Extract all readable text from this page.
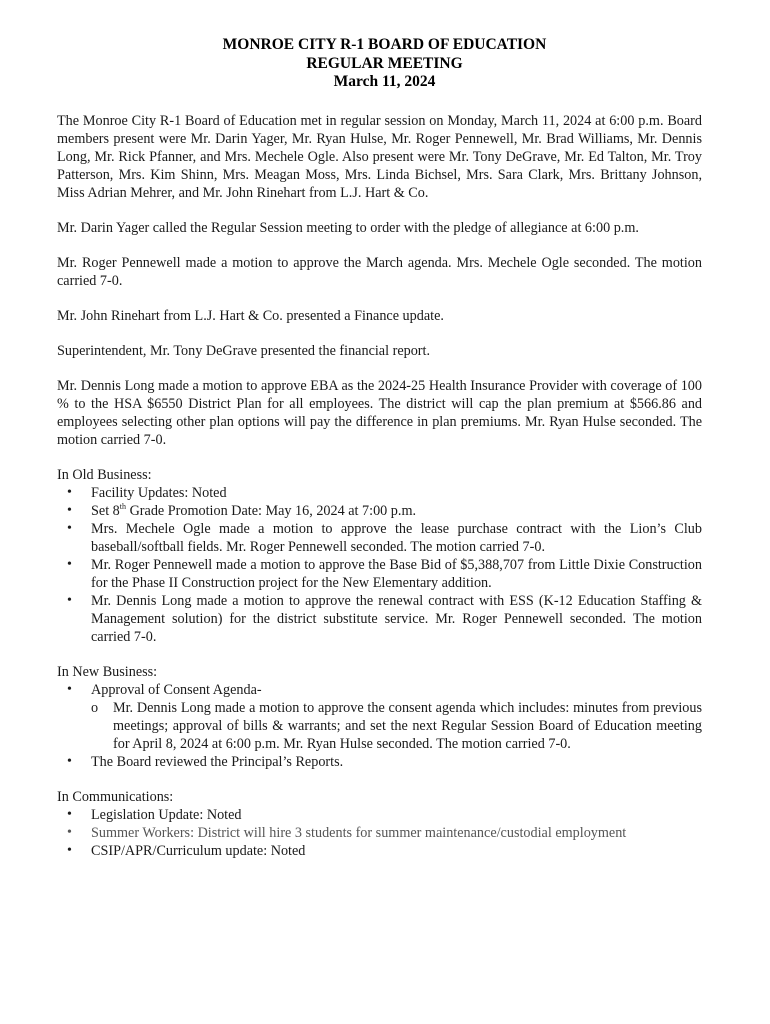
MONROE CITY R-1 BOARD OF EDUCATION
REGULAR MEETING
March 11, 2024

The Monroe City R-1 Board of Education met in regular session on Monday, March 11, 2024 at 6:00 p.m. Board members present were Mr. Darin Yager, Mr. Ryan Hulse, Mr. Roger Pennewell, Mr. Brad Williams, Mr. Dennis Long, Mr. Rick Pfanner, and Mrs. Mechele Ogle. Also present were Mr. Tony DeGrave, Mr. Ed Talton, Mr. Troy Patterson, Mrs. Kim Shinn, Mrs. Meagan Moss, Mrs. Linda Bichsel, Mrs. Sara Clark, Mrs. Brittany Johnson, Miss Adrian Mehrer, and Mr. John Rinehart from L.J. Hart & Co.

Mr. Darin Yager called the Regular Session meeting to order with the pledge of allegiance at 6:00 p.m.

Mr. Roger Pennewell made a motion to approve the March agenda. Mrs. Mechele Ogle seconded. The motion carried 7-0.

Mr. John Rinehart from L.J. Hart & Co. presented a Finance update.

Superintendent, Mr. Tony DeGrave presented the financial report.

Mr. Dennis Long made a motion to approve EBA as the 2024-25 Health Insurance Provider with coverage of 100 % to the HSA $6550 District Plan for all employees. The district will cap the plan premium at $566.86 and employees selecting other plan options will pay the difference in plan premiums. Mr. Ryan Hulse seconded. The motion carried 7-0.

In Old Business:
• Facility Updates: Noted
• Set 8th Grade Promotion Date: May 16, 2024 at 7:00 p.m.
• Mrs. Mechele Ogle made a motion to approve the lease purchase contract with the Lion’s Club baseball/softball fields. Mr. Roger Pennewell seconded. The motion carried 7-0.
• Mr. Roger Pennewell made a motion to approve the Base Bid of $5,388,707 from Little Dixie Construction for the Phase II Construction project for the New Elementary addition.
• Mr. Dennis Long made a motion to approve the renewal contract with ESS (K-12 Education Staffing & Management solution) for the district substitute service. Mr. Roger Pennewell seconded. The motion carried 7-0.
In New Business:
• Approval of Consent Agenda-
o Mr. Dennis Long made a motion to approve the consent agenda which includes: minutes from previous meetings; approval of bills & warrants; and set the next Regular Session Board of Education meeting for April 8, 2024 at 6:00 p.m. Mr. Ryan Hulse seconded. The motion carried 7-0.
• The Board reviewed the Principal’s Reports.
In Communications:
• Legislation Update: Noted
• Summer Workers: District will hire 3 students for summer maintenance/custodial employment
• CSIP/APR/Curriculum update: Noted
